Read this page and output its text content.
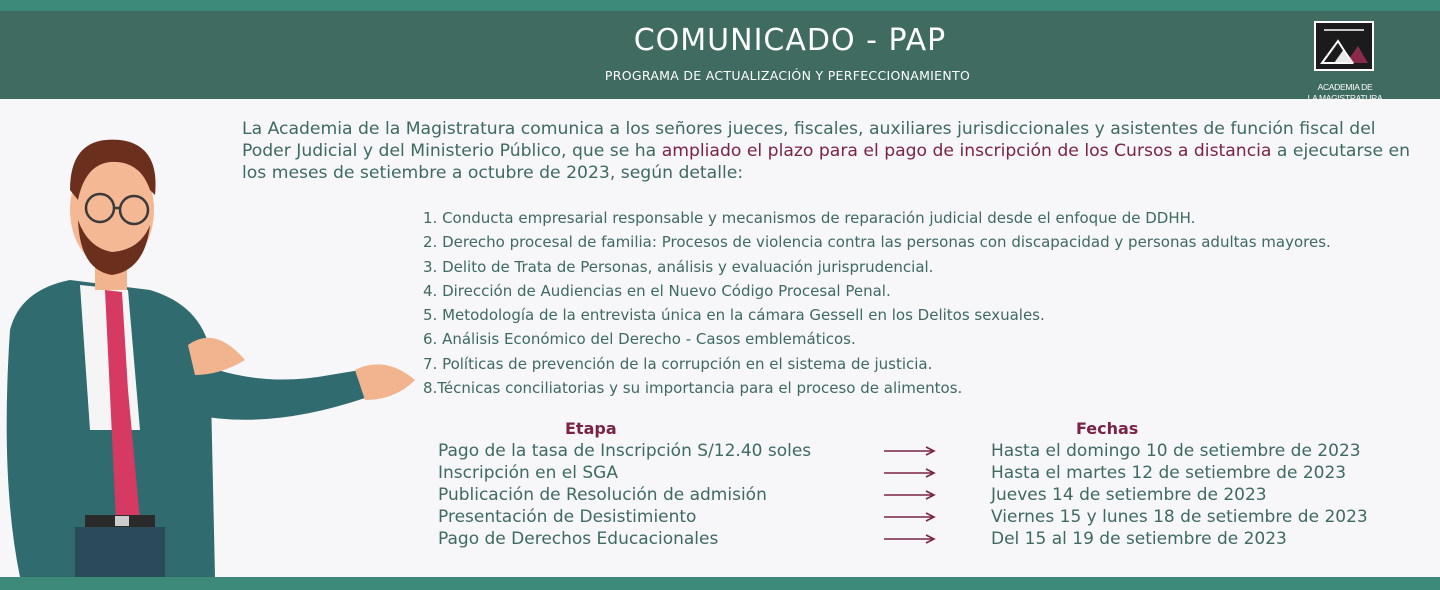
COMUNICADO - PAP
PROGRAMA DE ACTUALIZACIÓN Y PERFECCIONAMIENTO
ACADEMIA DE
LA MAGISTRATURA
La Academia de la Magistratura comunica a los señores jueces, fiscales, auxiliares jurisdiccionales y asistentes de función fiscal del Poder Judicial y del Ministerio Público, que se ha ampliado el plazo para el pago de inscripción de los Cursos a distancia a ejecutarse en los meses de setiembre a octubre de 2023, según detalle:
1. Conducta empresarial responsable y mecanismos de reparación judicial desde el enfoque de DDHH.
2. Derecho procesal de familia: Procesos de violencia contra las personas con discapacidad y personas adultas mayores.
3. Delito de Trata de Personas, análisis y evaluación jurisprudencial.
4. Dirección de Audiencias en el Nuevo Código Procesal Penal.
5. Metodología de la entrevista única en la cámara Gessell en los Delitos sexuales.
6. Análisis Económico del Derecho - Casos emblemáticos.
7. Políticas de prevención de la corrupción en el sistema de justicia.
8.Técnicas conciliatorias y su importancia para el proceso de alimentos.
Etapa	Fechas
Pago de la tasa de Inscripción S/12.40 soles	Hasta el domingo 10 de setiembre de 2023
Inscripción en el SGA	Hasta el martes 12 de setiembre de 2023
Publicación de Resolución de admisión	Jueves 14 de setiembre de 2023
Presentación de Desistimiento	Viernes 15 y lunes 18 de setiembre de 2023
Pago de Derechos Educacionales	Del 15 al 19 de setiembre de 2023
